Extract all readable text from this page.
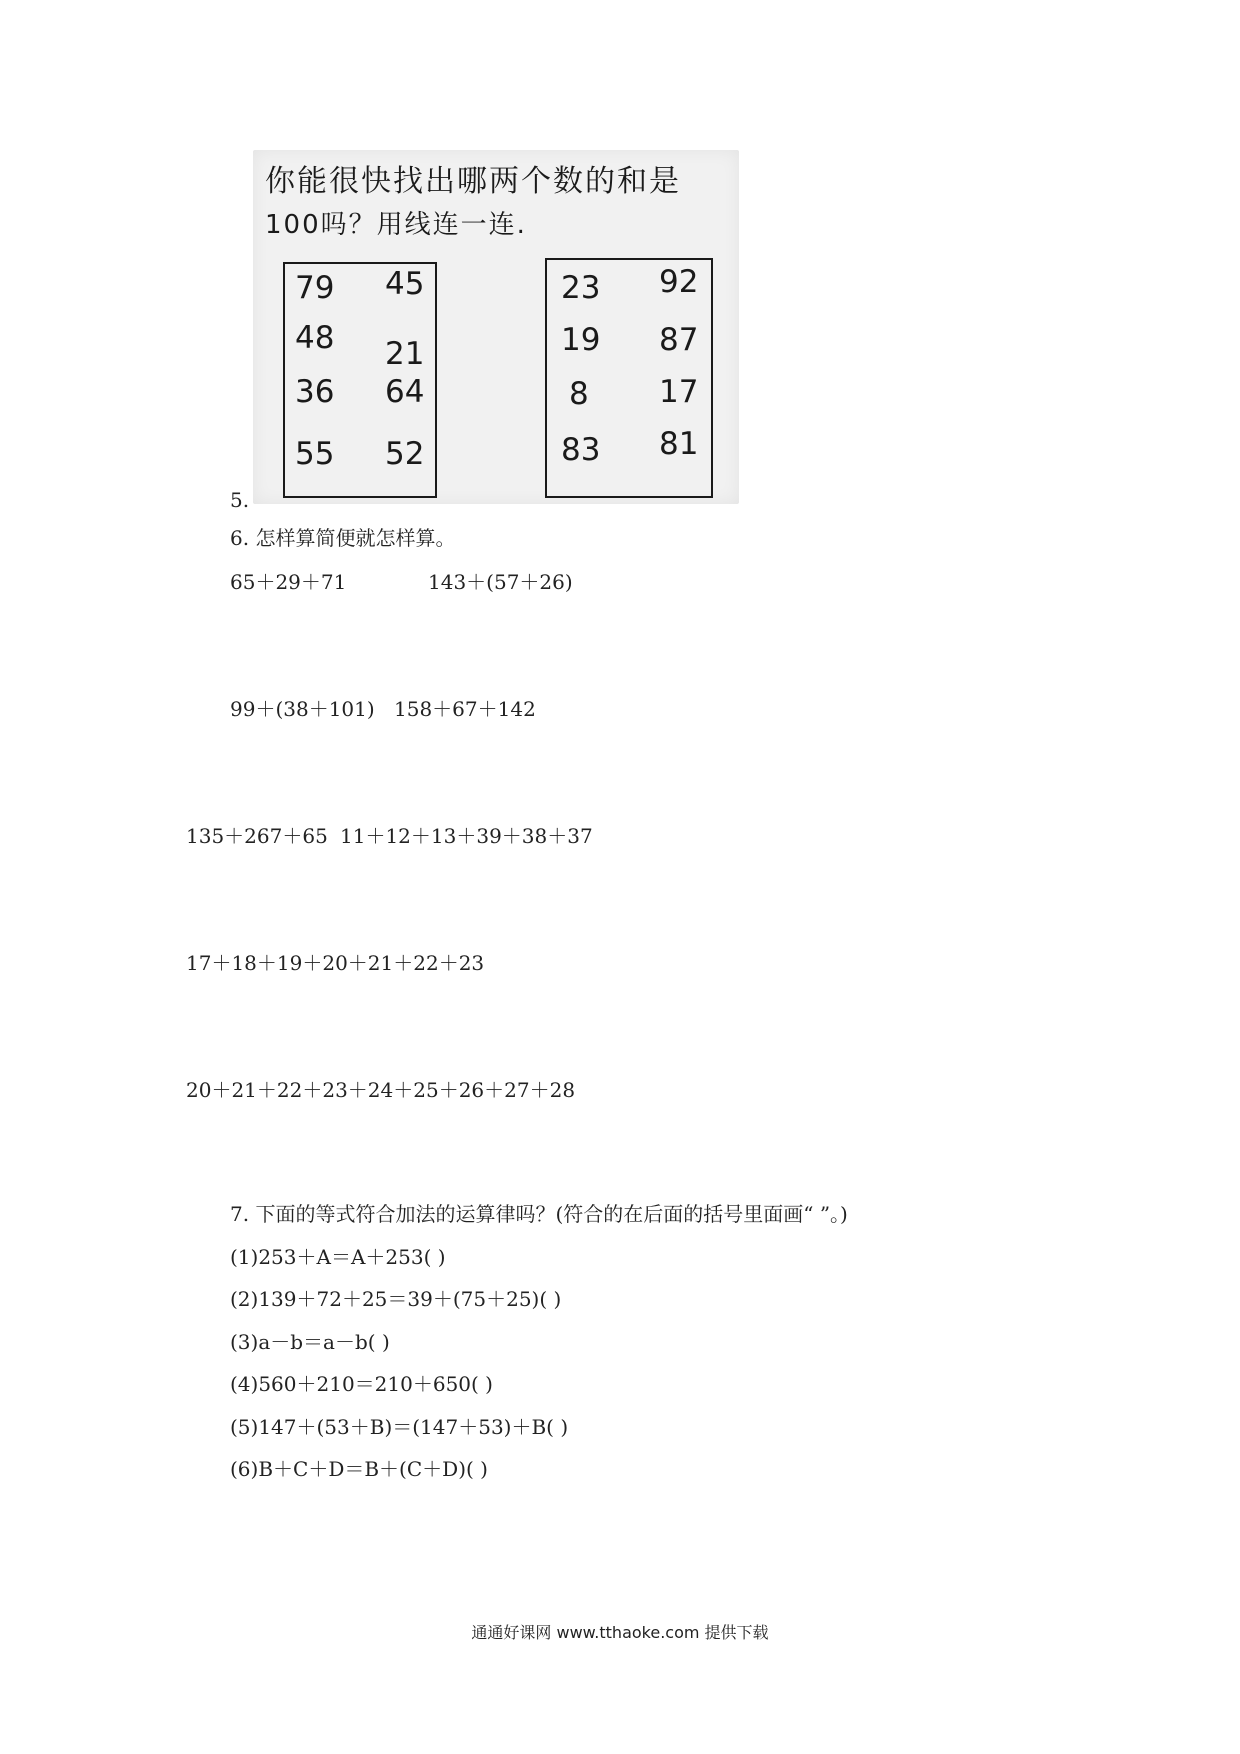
5.
你能很快找出哪两个数的和是
100吗？用线连一连.
79
48
36
55
45
21
64
52
23
19
8
83
92
87
17
81
6. 怎样算简便就怎样算。
65＋29＋71	143＋(57＋26)
99＋(38＋101) 158＋67＋142
135＋267＋65 11＋12＋13＋39＋38＋37
17＋18＋19＋20＋21＋22＋23
20＋21＋22＋23＋24＋25＋26＋27＋28
7. 下面的等式符合加法的运算律吗？(符合的在后面的括号里面画“ ”。)
(1)253＋A＝A＋253( )
(2)139＋72＋25＝39＋(75＋25)( )
(3)a－b＝a－b( )
(4)560＋210＝210＋650( )
(5)147＋(53＋B)＝(147＋53)＋B( )
(6)B＋C＋D＝B＋(C＋D)( )
通通好课网 www.tthaoke.com 提供下载
